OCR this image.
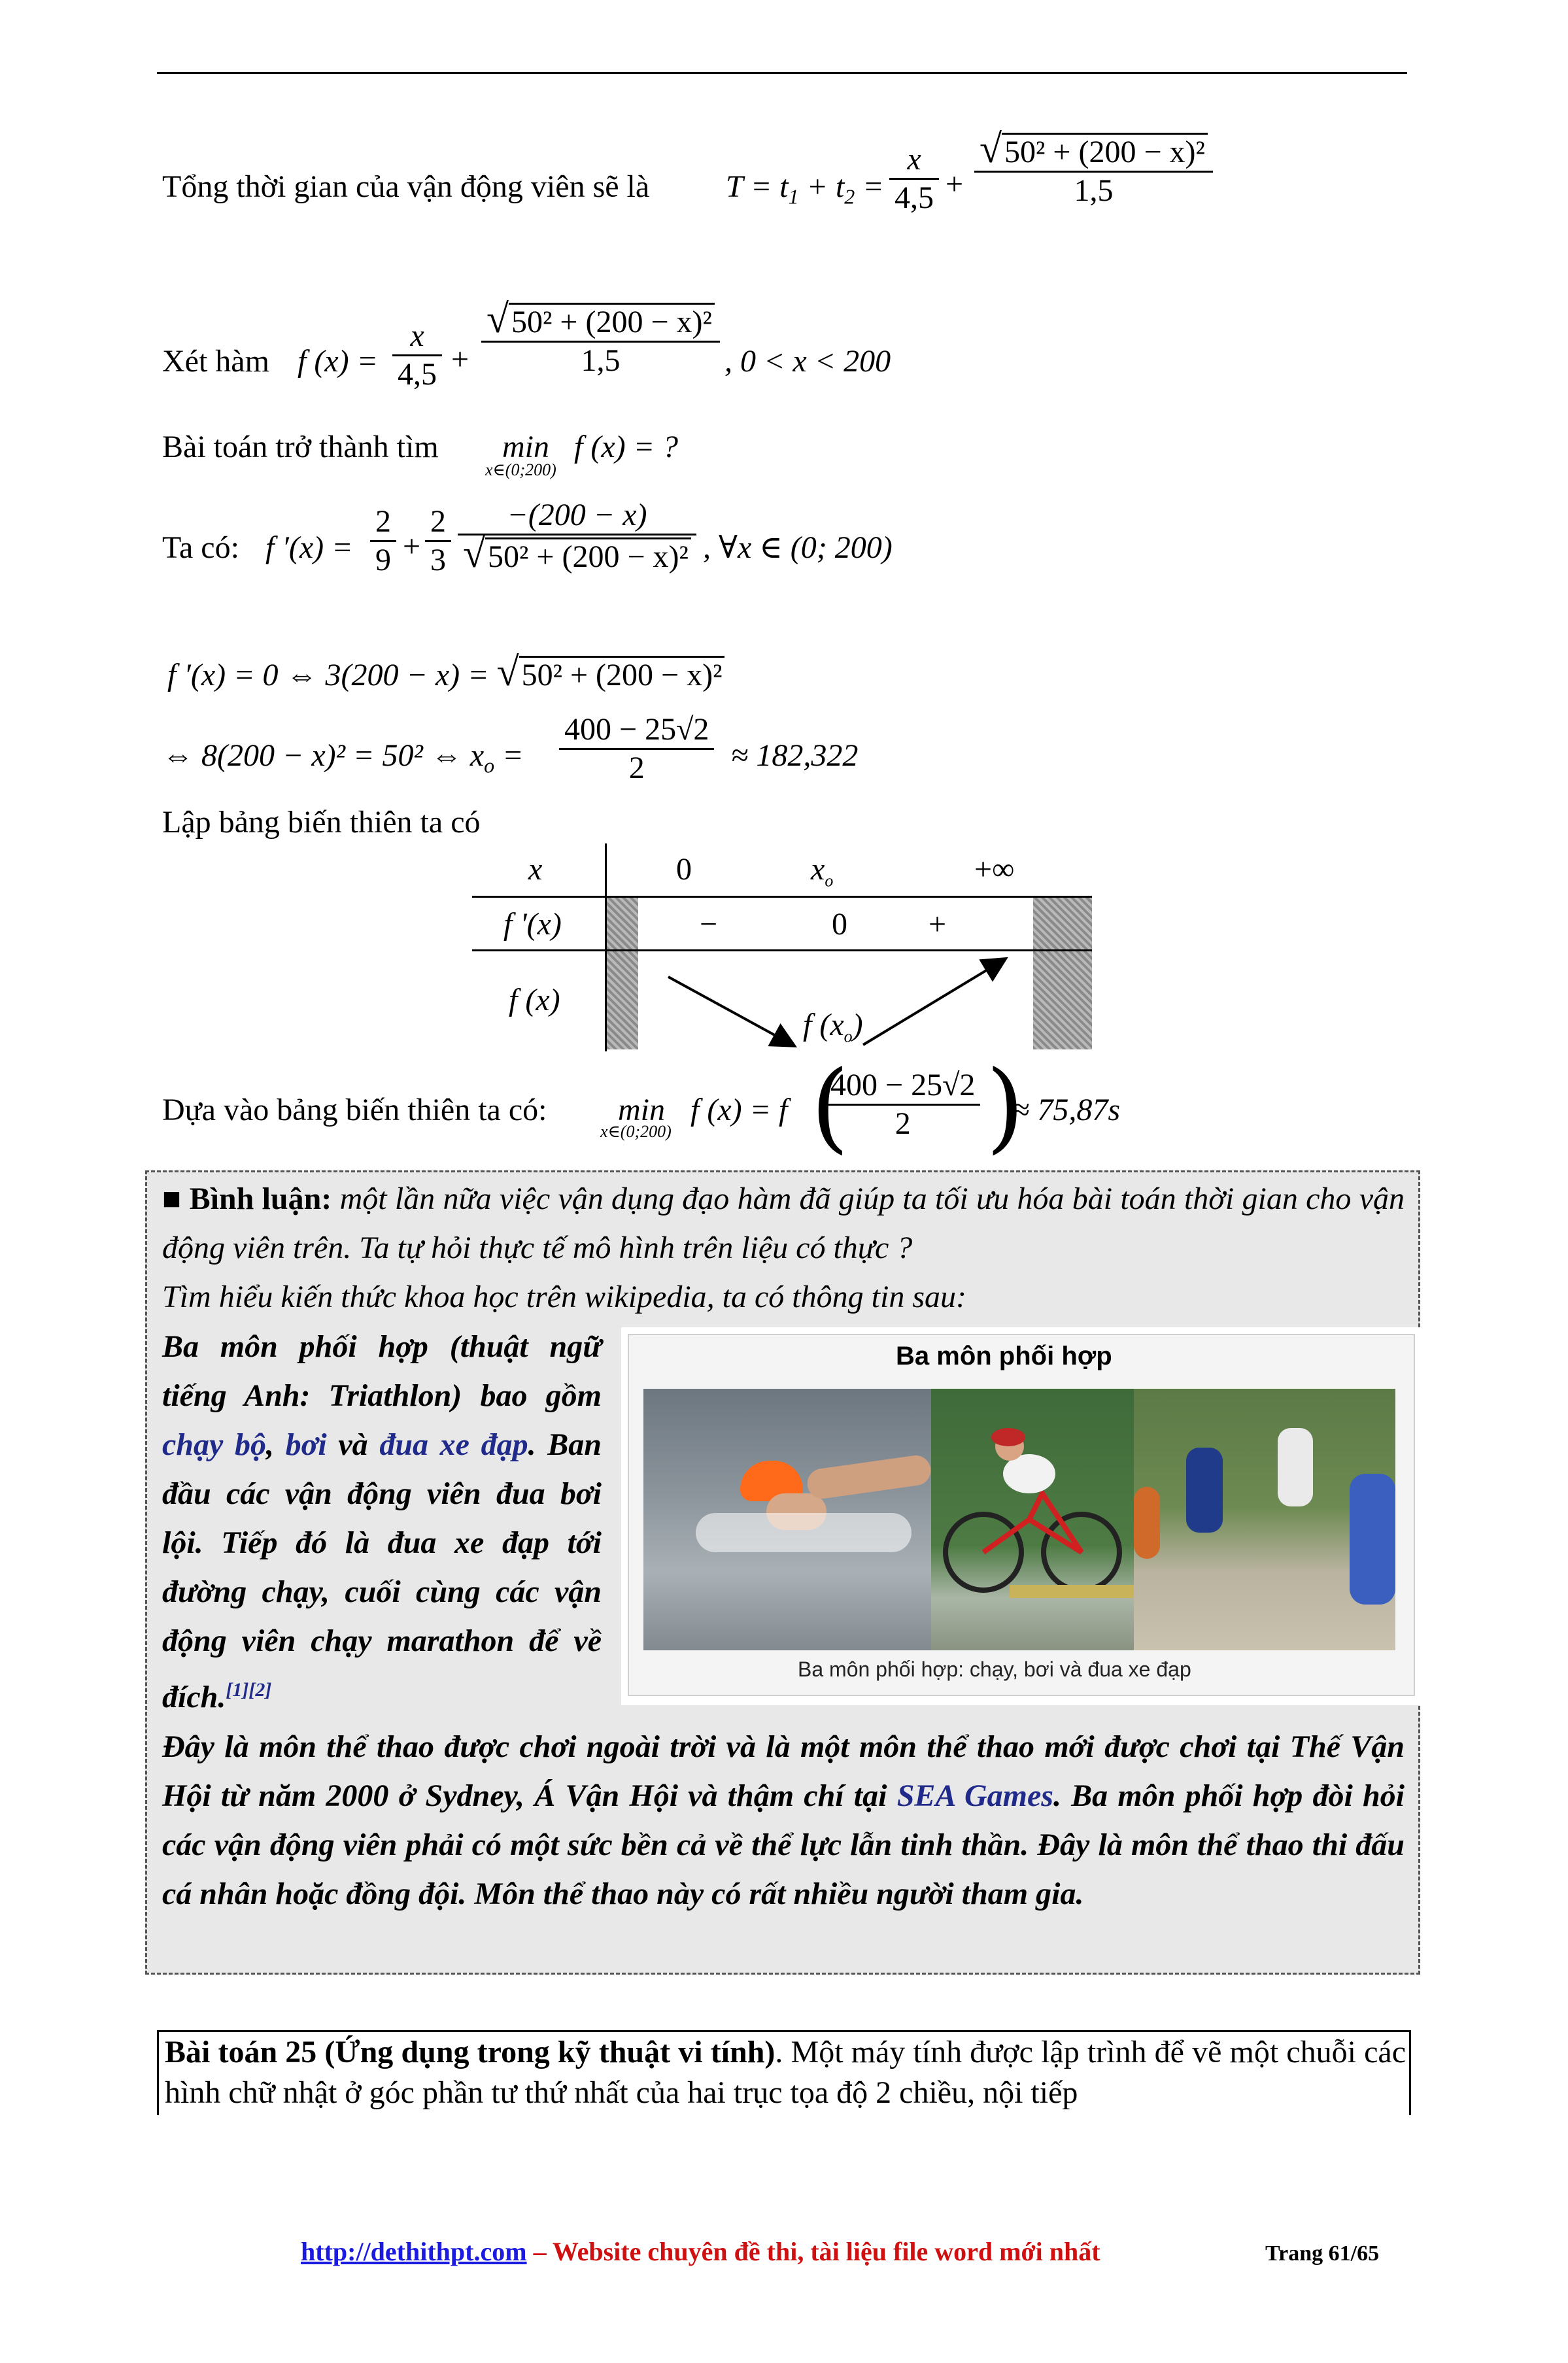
Tổng thời gian của vận động viên sẽ là $T = t_1 + t_2 = \frac{x}{4,5} + \frac{\text{√50² + (200 − x)²}}{1,5}$
Xét hàm f $(x) = \frac{x}{4,5} + \frac{\text{√50² + (200 − x)²}}{1,5}$ , 0 < x < 200
Bài toán trở thành tìm min
x∈(0;200)
f (x) = ?
Ta có: f $'(x) = \frac{2}{9} + \frac{2}{3} \frac{-(200 - x)}{\text{√50² + (200 − x)²}}$ , ∀x ∈ (0; 200)
f ′(x) = 0 ⇔ 3(200 − x) = √50² + (200 − x)²
⇔ 8(200 − x)² = 50² ⇔ $x_o = \frac{400 - 25√2}{2} \approx 182,322$
Lập bảng biến thiên ta có
x	0	$x_o$	+∞
f '(x)	−	0	+
f (x)
f $(x_o)$
Dựa vào bảng biến thiên ta có: min
x∈(0;200)
f (x) = f (
$\frac{400 - 25√2}{2}$ )
≈ 75,87s
■ Bình luận: một lần nữa việc vận dụng đạo hàm đã giúp ta tối ưu hóa bài toán thời gian cho vận động viên trên. Ta tự hỏi thực tế mô hình trên liệu có thực ?
Tìm hiểu kiến thức khoa học trên wikipedia, ta có thông tin sau:
Ba môn phối hợp (thuật ngữ tiếng Anh: Triathlon) bao gồm chạy bộ, bơi và đua xe đạp. Ban đầu các vận động viên đua bơi lội. Tiếp đó là đua xe đạp tới đường chạy, cuối cùng các vận động viên chạy marathon để về đích.[1][2]
Ba môn phối hợp
Ba môn phối hợp: chạy, bơi và đua xe đạp
Đây là môn thể thao được chơi ngoài trời và là một môn thể thao mới được chơi tại Thế Vận Hội từ năm 2000 ở Sydney, Á Vận Hội và thậm chí tại SEA Games. Ba môn phối hợp đòi hỏi các vận động viên phải có một sức bền cả về thể lực lẫn tinh thần. Đây là môn thể thao thi đấu cá nhân hoặc đồng đội. Môn thể thao này có rất nhiều người tham gia.
Bài toán 25 (Ứng dụng trong kỹ thuật vi tính). Một máy tính được lập trình để vẽ một chuỗi các hình chữ nhật ở góc phần tư thứ nhất của hai trục tọa độ 2 chiều, nội tiếp
http://dethithpt.com – Website chuyên đề thi, tài liệu file word mới nhất	Trang 61/65
